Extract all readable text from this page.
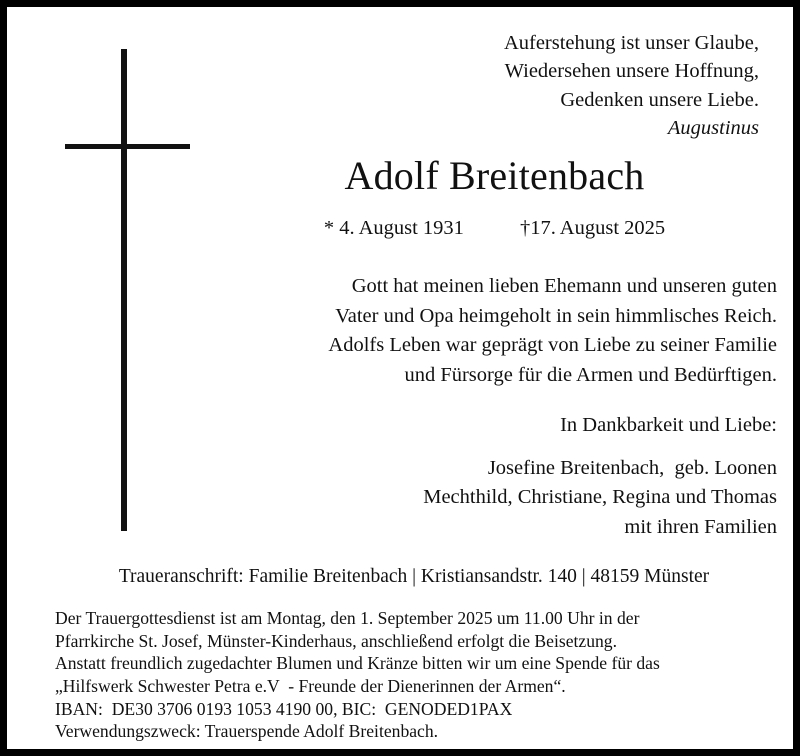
Auferstehung ist unser Glaube,
Wiedersehen unsere Hoffnung,
Gedenken unsere Liebe.
Augustinus
Adolf Breitenbach
* 4. August 1931	†17. August 2025
Gott hat meinen lieben Ehemann und unseren guten
Vater und Opa heimgeholt in sein himmlisches Reich.
Adolfs Leben war geprägt von Liebe zu seiner Familie
und Fürsorge für die Armen und Bedürftigen.
In Dankbarkeit und Liebe:
Josefine Breitenbach,  geb. Loonen
Mechthild, Christiane, Regina und Thomas
mit ihren Familien
Traueranschrift: Familie Breitenbach | Kristiansandstr. 140 | 48159 Münster
Der Trauergottesdienst ist am Montag, den 1. September 2025 um 11.00 Uhr in der
Pfarrkirche St. Josef, Münster-Kinderhaus, anschließend erfolgt die Beisetzung.
Anstatt freundlich zugedachter Blumen und Kränze bitten wir um eine Spende für das
„Hilfswerk Schwester Petra e.V  - Freunde der Dienerinnen der Armen“.
IBAN:  DE30 3706 0193 1053 4190 00, BIC:  GENODED1PAX
Verwendungszweck: Trauerspende Adolf Breitenbach.
